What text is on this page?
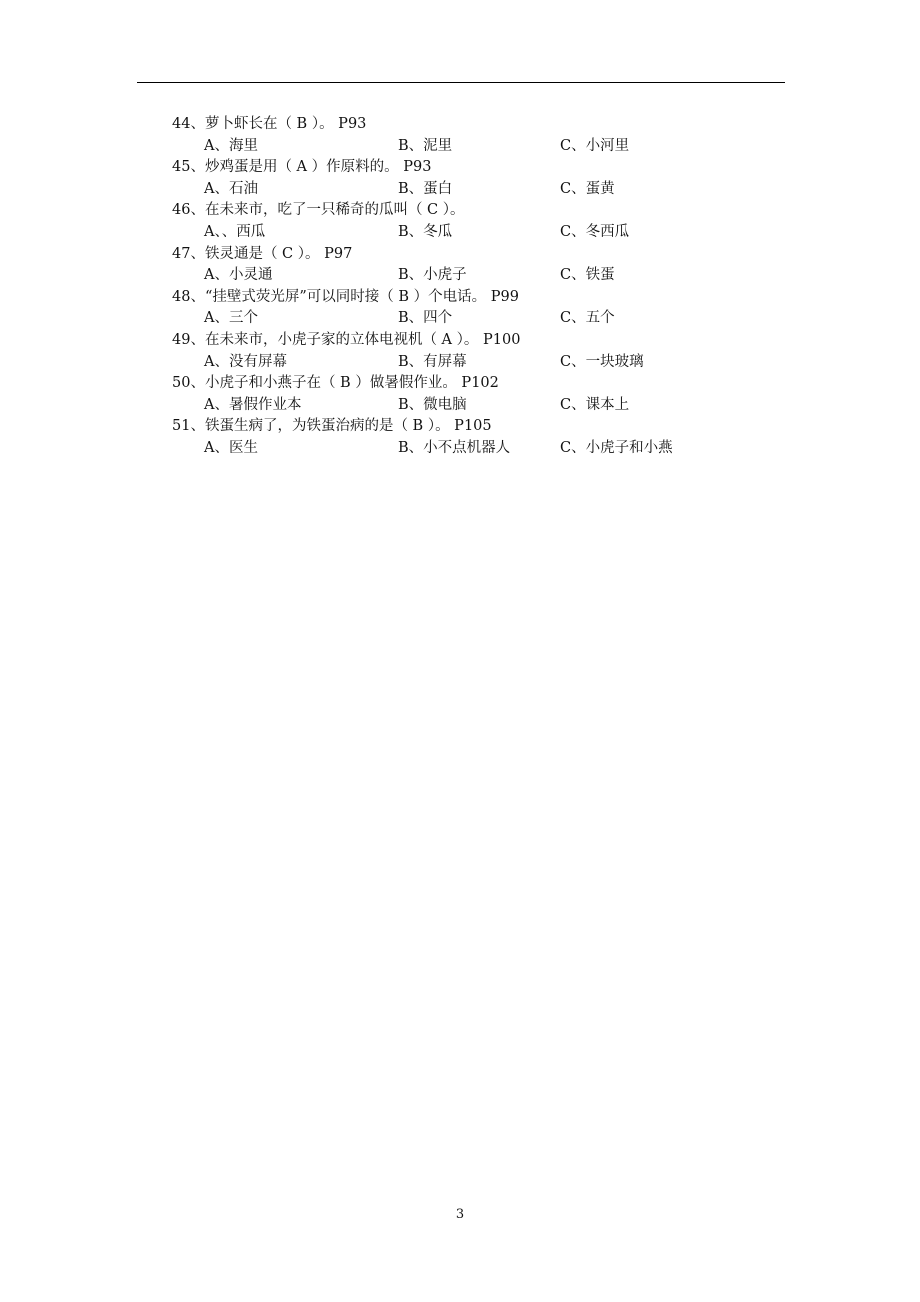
44、萝卜虾长在（ B ）。 P93
A、海里	B、泥里	C、小河里
45、炒鸡蛋是用（ A ）作原料的。 P93
A、石油	B、蛋白	C、蛋黄
46、在未来市，吃了一只稀奇的瓜叫（ C ）。
A、、西瓜	B、冬瓜	C、冬西瓜
47、铁灵通是（ C ）。 P97
A、小灵通	B、小虎子	C、铁蛋
48、“挂壁式荧光屏”可以同时接（ B ）个电话。 P99
A、三个	B、四个	C、五个
49、在未来市，小虎子家的立体电视机（ A ）。 P100
A、没有屏幕	B、有屏幕	C、一块玻璃
50、小虎子和小燕子在（ B ）做暑假作业。 P102
A、暑假作业本	B、微电脑	C、课本上
51、铁蛋生病了，为铁蛋治病的是（ B ）。 P105
A、医生	B、小不点机器人	C、小虎子和小燕
3
